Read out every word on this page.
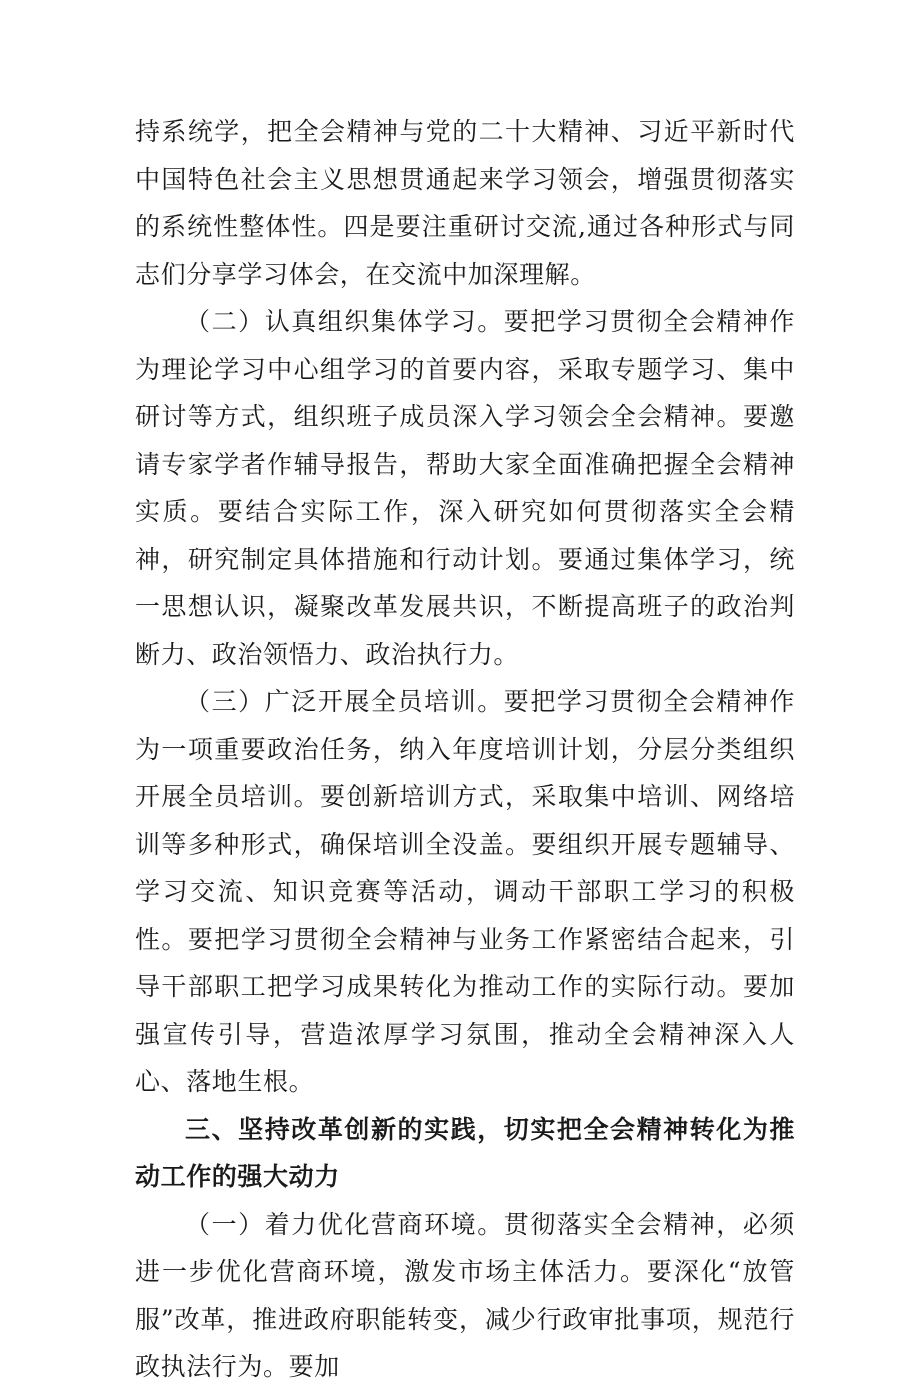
持系统学，把全会精神与党的二十大精神、习近平新时代中国特色社会主义思想贯通起来学习领会，增强贯彻落实的系统性整体性。四是要注重研讨交流,通过各种形式与同志们分享学习体会，在交流中加深理解。

（二）认真组织集体学习。要把学习贯彻全会精神作为理论学习中心组学习的首要内容，采取专题学习、集中研讨等方式，组织班子成员深入学习领会全会精神。要邀请专家学者作辅导报告，帮助大家全面准确把握全会精神实质。要结合实际工作，深入研究如何贯彻落实全会精神，研究制定具体措施和行动计划。要通过集体学习，统一思想认识，凝聚改革发展共识，不断提高班子的政治判断力、政治领悟力、政治执行力。

（三）广泛开展全员培训。要把学习贯彻全会精神作为一项重要政治任务，纳入年度培训计划，分层分类组织开展全员培训。要创新培训方式，采取集中培训、网络培训等多种形式，确保培训全没盖。要组织开展专题辅导、学习交流、知识竞赛等活动，调动干部职工学习的积极性。要把学习贯彻全会精神与业务工作紧密结合起来，引导干部职工把学习成果转化为推动工作的实际行动。要加强宣传引导，营造浓厚学习氛围，推动全会精神深入人心、落地生根。

三、坚持改革创新的实践，切实把全会精神转化为推动工作的强大动力

（一）着力优化营商环境。贯彻落实全会精神，必须进一步优化营商环境，激发市场主体活力。要深化“放管服”改革，推进政府职能转变，减少行政审批事项，规范行政执法行为。要加
